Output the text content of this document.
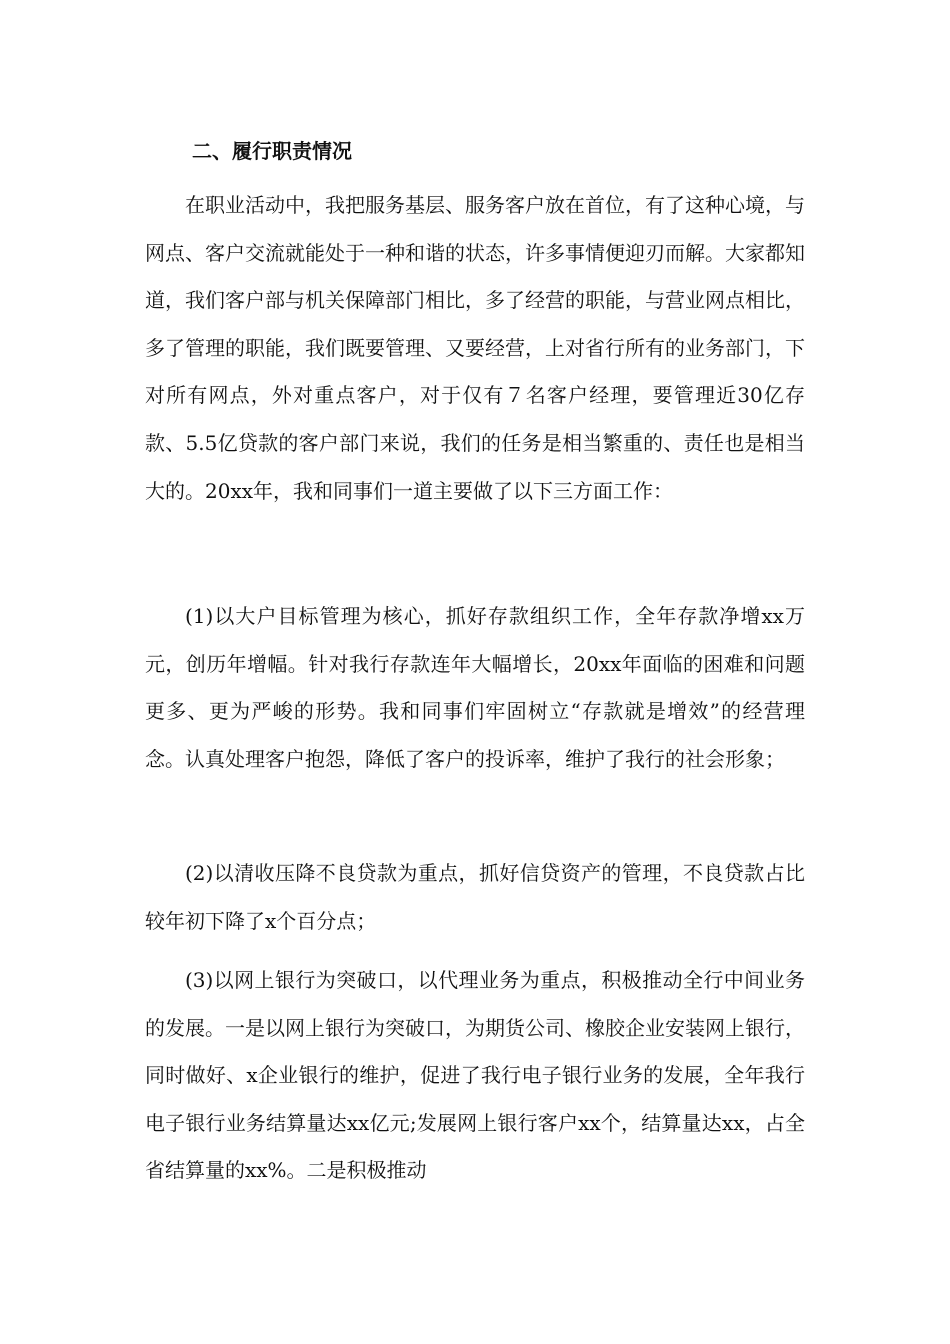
二、履行职责情况

在职业活动中，我把服务基层、服务客户放在首位，有了这种心境，与网点、客户交流就能处于一种和谐的状态，许多事情便迎刃而解。大家都知道，我们客户部与机关保障部门相比，多了经营的职能，与营业网点相比，多了管理的职能，我们既要管理、又要经营，上对省行所有的业务部门，下对所有网点，外对重点客户，对于仅有７名客户经理，要管理近30亿存款、5.5亿贷款的客户部门来说，我们的任务是相当繁重的、责任也是相当大的。20xx年，我和同事们一道主要做了以下三方面工作：

(1)以大户目标管理为核心，抓好存款组织工作，全年存款净增xx万元，创历年增幅。针对我行存款连年大幅增长，20xx年面临的困难和问题更多、更为严峻的形势。我和同事们牢固树立“存款就是增效”的经营理念。认真处理客户抱怨，降低了客户的投诉率，维护了我行的社会形象；

(2)以清收压降不良贷款为重点，抓好信贷资产的管理，不良贷款占比较年初下降了x个百分点；

(3)以网上银行为突破口，以代理业务为重点，积极推动全行中间业务的发展。一是以网上银行为突破口，为期货公司、橡胶企业安装网上银行，同时做好、x企业银行的维护，促进了我行电子银行业务的发展，全年我行电子银行业务结算量达xx亿元;发展网上银行客户xx个，结算量达xx，占全省结算量的xx%。二是积极推动
